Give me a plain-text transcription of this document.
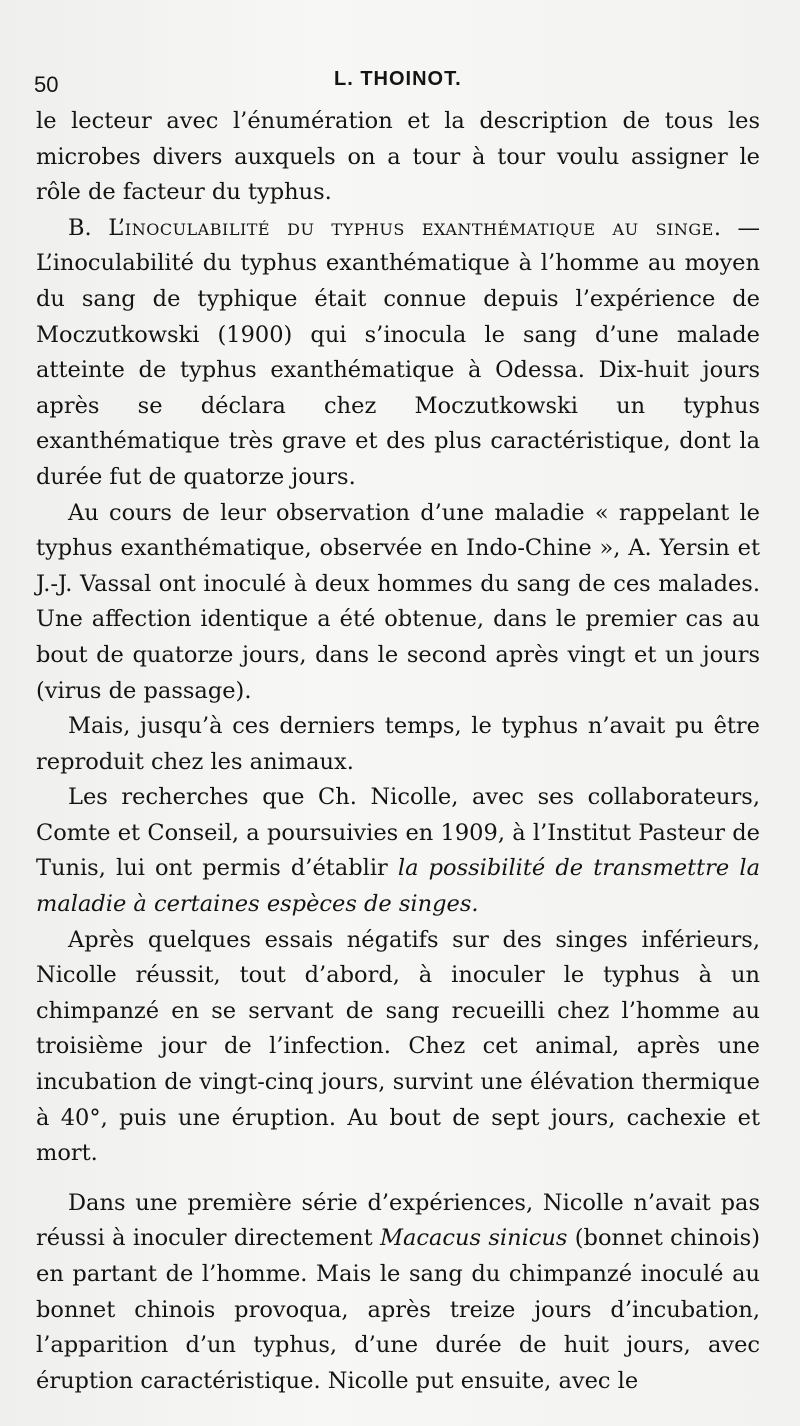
50	L. THOINOT.

le lecteur avec l’énumération et la description de tous les microbes divers auxquels on a tour à tour voulu assigner le rôle de facteur du typhus.

B. L’inoculabilité du typhus exanthématique au singe. — L’inoculabilité du typhus exanthématique à l’homme au moyen du sang de typhique était connue depuis l’expérience de Moczutkowski (1900) qui s’inocula le sang d’une malade atteinte de typhus exanthématique à Odessa. Dix-huit jours après se déclara chez Moczutkowski un typhus exanthématique très grave et des plus caractéristique, dont la durée fut de quatorze jours.

Au cours de leur observation d’une maladie « rappelant le typhus exanthématique, observée en Indo-Chine », A. Yersin et J.-J. Vassal ont inoculé à deux hommes du sang de ces malades. Une affection identique a été obtenue, dans le premier cas au bout de quatorze jours, dans le second après vingt et un jours (virus de passage).

Mais, jusqu’à ces derniers temps, le typhus n’avait pu être reproduit chez les animaux.

Les recherches que Ch. Nicolle, avec ses collaborateurs, Comte et Conseil, a poursuivies en 1909, à l’Institut Pasteur de Tunis, lui ont permis d’établir la possibilité de transmettre la maladie à certaines espèces de singes.

Après quelques essais négatifs sur des singes inférieurs, Nicolle réussit, tout d’abord, à inoculer le typhus à un chimpanzé en se servant de sang recueilli chez l’homme au troisième jour de l’infection. Chez cet animal, après une incubation de vingt-cinq jours, survint une élévation thermique à 40°, puis une éruption. Au bout de sept jours, cachexie et mort.

Dans une première série d’expériences, Nicolle n’avait pas réussi à inoculer directement Macacus sinicus (bonnet chinois) en partant de l’homme. Mais le sang du chimpanzé inoculé au bonnet chinois provoqua, après treize jours d’incubation, l’apparition d’un typhus, d’une durée de huit jours, avec éruption caractéristique. Nicolle put ensuite, avec le
